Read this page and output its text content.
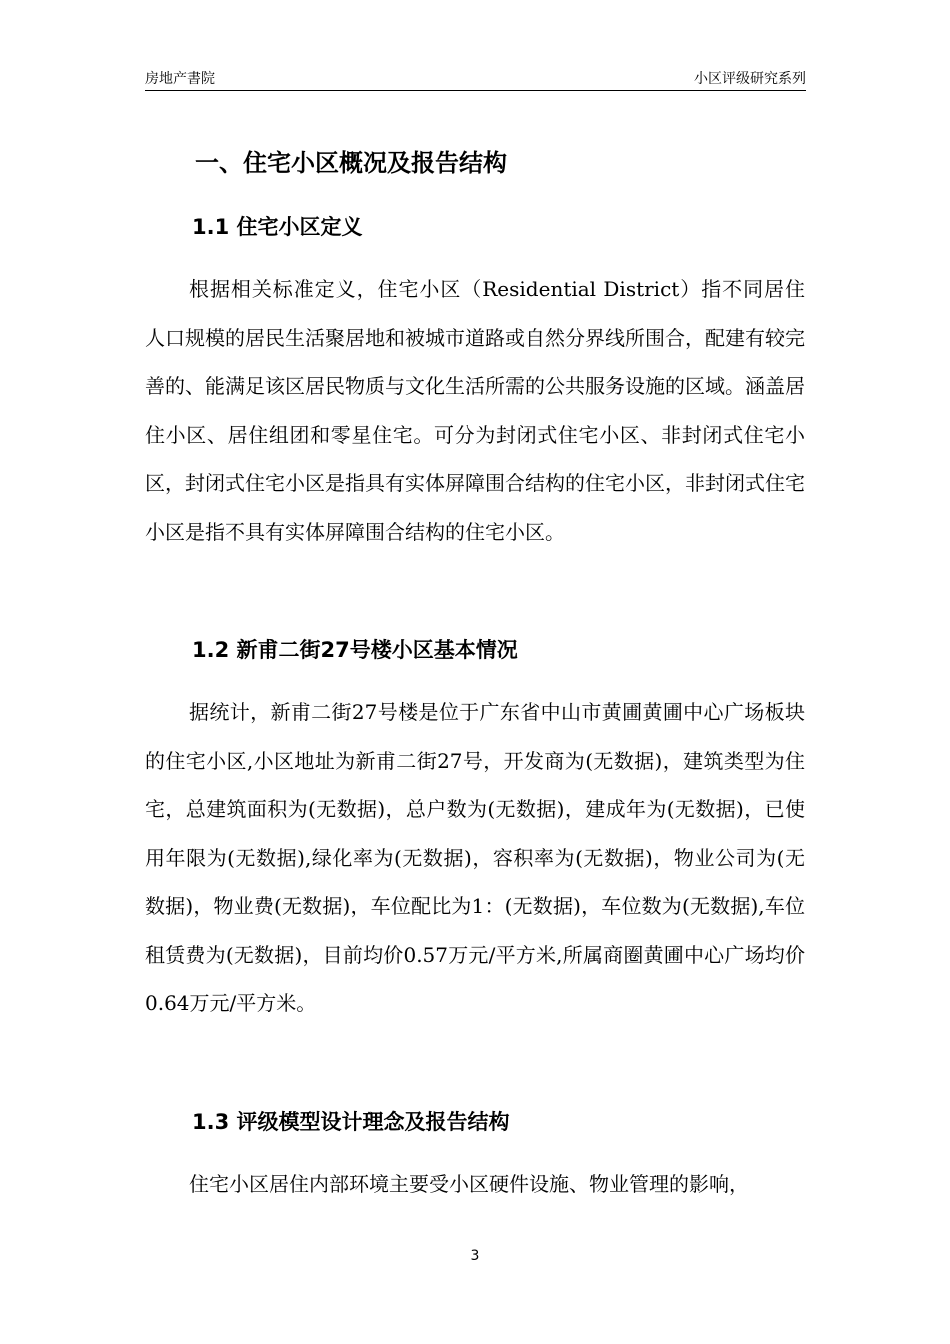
房地产書院	小区评级研究系列
一、住宅小区概况及报告结构
1.1 住宅小区定义

根据相关标准定义，住宅小区（Residential District）指不同居住人口规模的居民生活聚居地和被城市道路或自然分界线所围合，配建有较完善的、能满足该区居民物质与文化生活所需的公共服务设施的区域。涵盖居住小区、居住组团和零星住宅。可分为封闭式住宅小区、非封闭式住宅小区，封闭式住宅小区是指具有实体屏障围合结构的住宅小区，非封闭式住宅小区是指不具有实体屏障围合结构的住宅小区。

1.2 新甫二街27号楼小区基本情况

据统计，新甫二街27号楼是位于广东省中山市黄圃黄圃中心广场板块的住宅小区,小区地址为新甫二街27号，开发商为(无数据)，建筑类型为住宅，总建筑面积为(无数据)，总户数为(无数据)，建成年为(无数据)，已使用年限为(无数据),绿化率为(无数据)，容积率为(无数据)，物业公司为(无数据)，物业费(无数据)，车位配比为1：(无数据)，车位数为(无数据),车位租赁费为(无数据)，目前均价0.57万元/平方米,所属商圈黄圃中心广场均价0.64万元/平方米。

1.3 评级模型设计理念及报告结构

住宅小区居住内部环境主要受小区硬件设施、物业管理的影响，

3
